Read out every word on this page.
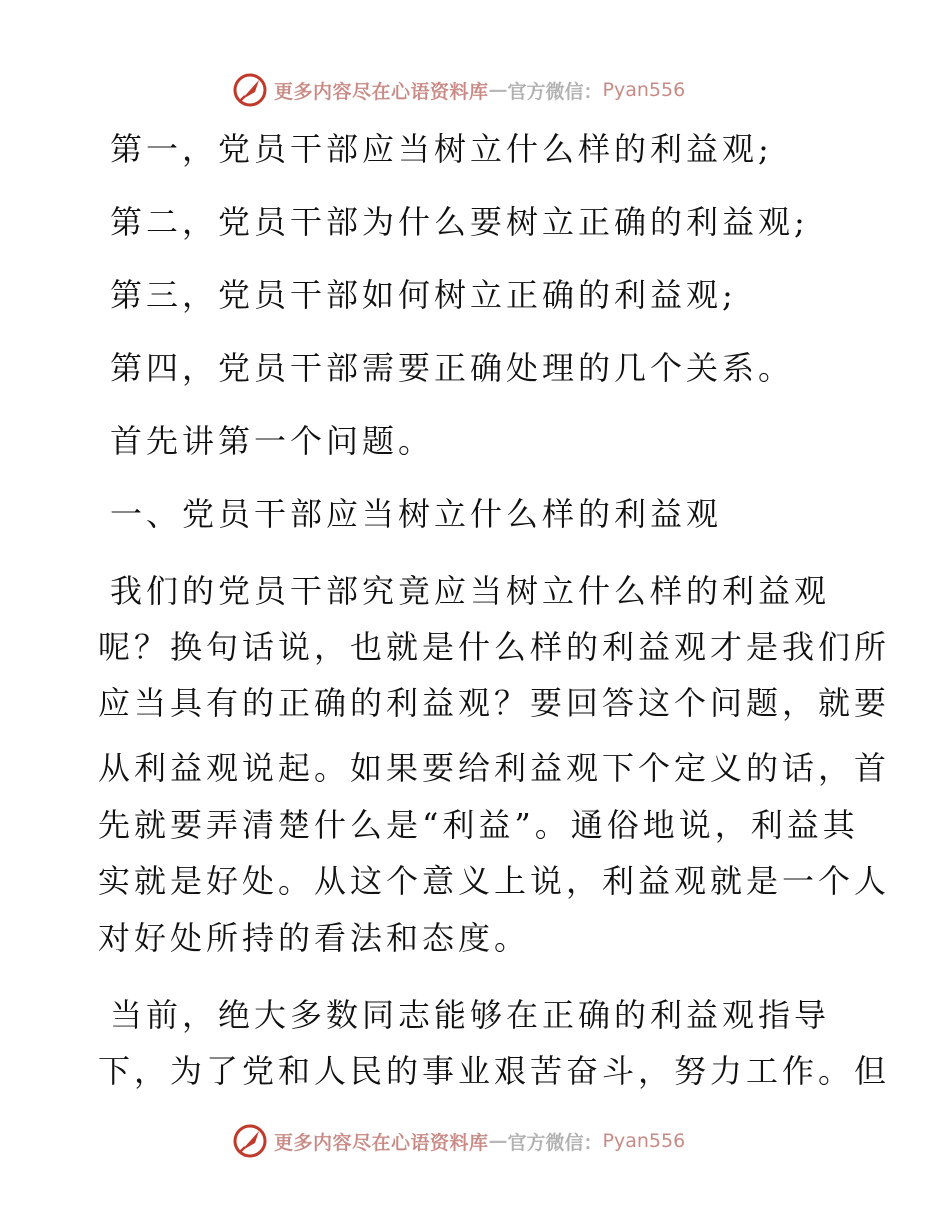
更多内容尽在心语资料库 — 官方微信： Pyan556
第一，党员干部应当树立什么样的利益观;
第二，党员干部为什么要树立正确的利益观;
第三，党员干部如何树立正确的利益观;
第四，党员干部需要正确处理的几个关系。
首先讲第一个问题。
一、党员干部应当树立什么样的利益观
我们的党员干部究竟应当树立什么样的利益观
呢？换句话说，也就是什么样的利益观才是我们所
应当具有的正确的利益观？要回答这个问题，就要
从利益观说起。如果要给利益观下个定义的话，首
先就要弄清楚什么是“利益”。通俗地说，利益其
实就是好处。从这个意义上说，利益观就是一个人
对好处所持的看法和态度。
当前，绝大多数同志能够在正确的利益观指导
下，为了党和人民的事业艰苦奋斗，努力工作。但
更多内容尽在心语资料库 — 官方微信： Pyan556
